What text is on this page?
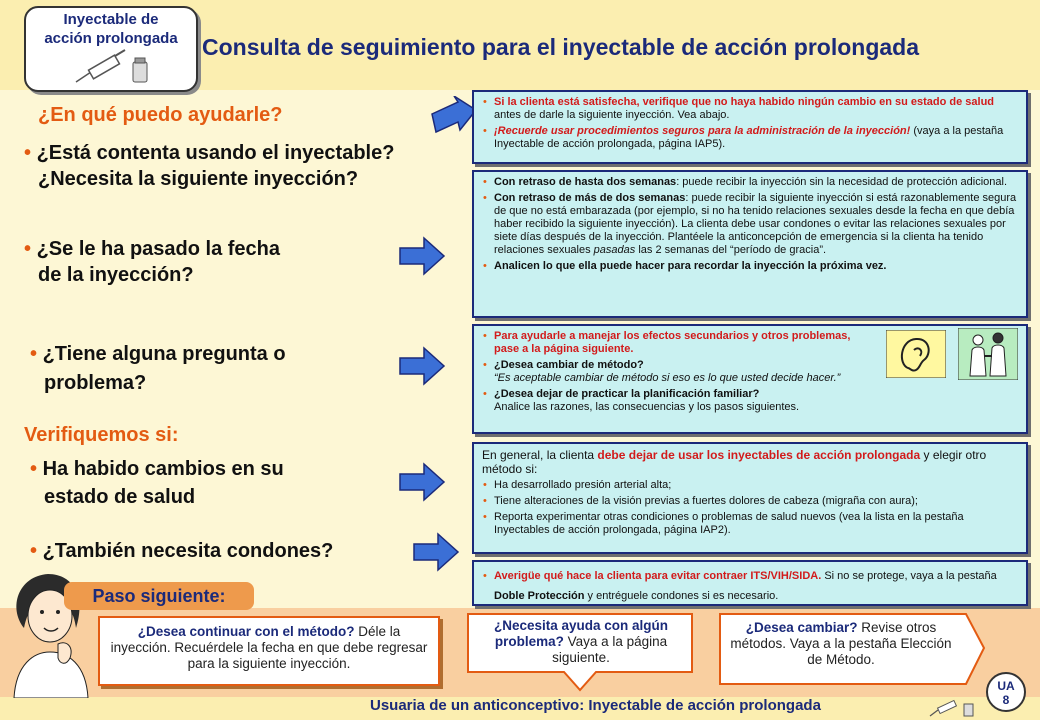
Inyectable de
acción prolongada	Consulta de seguimiento para el inyectable de acción prolongada
¿En qué puedo ayudarle?
• ¿Está contenta usando el inyectable?
¿Necesita la siguiente inyección?
• ¿Se le ha pasado la fecha
de la inyección?
• ¿Tiene alguna pregunta o
problema?
Verifiquemos si:
• Ha habido cambios en su
estado de salud
• ¿También necesita condones?
• Si la clienta está satisfecha, verifique que no haya habido ningún cambio en su estado de salud antes de darle la siguiente inyección. Vea abajo.
• ¡Recuerde usar procedimientos seguros para la administración de la inyección! (vaya a la pestaña Inyectable de acción prolongada, página IAP5).
• Con retraso de hasta dos semanas: puede recibir la inyección sin la necesidad de protección adicional.
• Con retraso de más de dos semanas: puede recibir la siguiente inyección si está razonablemente segura de que no está embarazada (por ejemplo, si no ha tenido relaciones sexuales desde la fecha en que debía haber recibido la siguiente inyección). La clienta debe usar condones o evitar las relaciones sexuales por siete días después de la inyección. Plantéele la anticoncepción de emergencia si la clienta ha tenido relaciones sexuales pasadas las 2 semanas del “período de gracia”.
• Analicen lo que ella puede hacer para recordar la inyección la próxima vez.
• Para ayudarle a manejar los efectos secundarios y otros problemas, pase a la página siguiente.
• ¿Desea cambiar de método?
“Es aceptable cambiar de método si eso es lo que usted decide hacer.”
• ¿Desea dejar de practicar la planificación familiar?
Analice las razones, las consecuencias y los pasos siguientes.
En general, la clienta debe dejar de usar los inyectables de acción prolongada y elegir otro método si:
• Ha desarrollado presión arterial alta;
• Tiene alteraciones de la visión previas a fuertes dolores de cabeza (migraña con aura);
• Reporta experimentar otras condiciones o problemas de salud nuevos (vea la lista en la pestaña Inyectables de acción prolongada, página IAP2).
• Averigüe qué hace la clienta para evitar contraer ITS/VIH/SIDA. Si no se protege, vaya a la pestaña Doble Protección y entréguele condones si es necesario.
Paso siguiente:
¿Desea continuar con el método? Déle la inyección. Recuérdele la fecha en que debe regresar para la siguiente inyección.
¿Necesita ayuda con algún problema? Vaya a la página siguiente.
¿Desea cambiar? Revise otros métodos. Vaya a la pestaña Elección de Método.
Usuaria de un anticonceptivo: Inyectable de acción prolongada
UA
8
